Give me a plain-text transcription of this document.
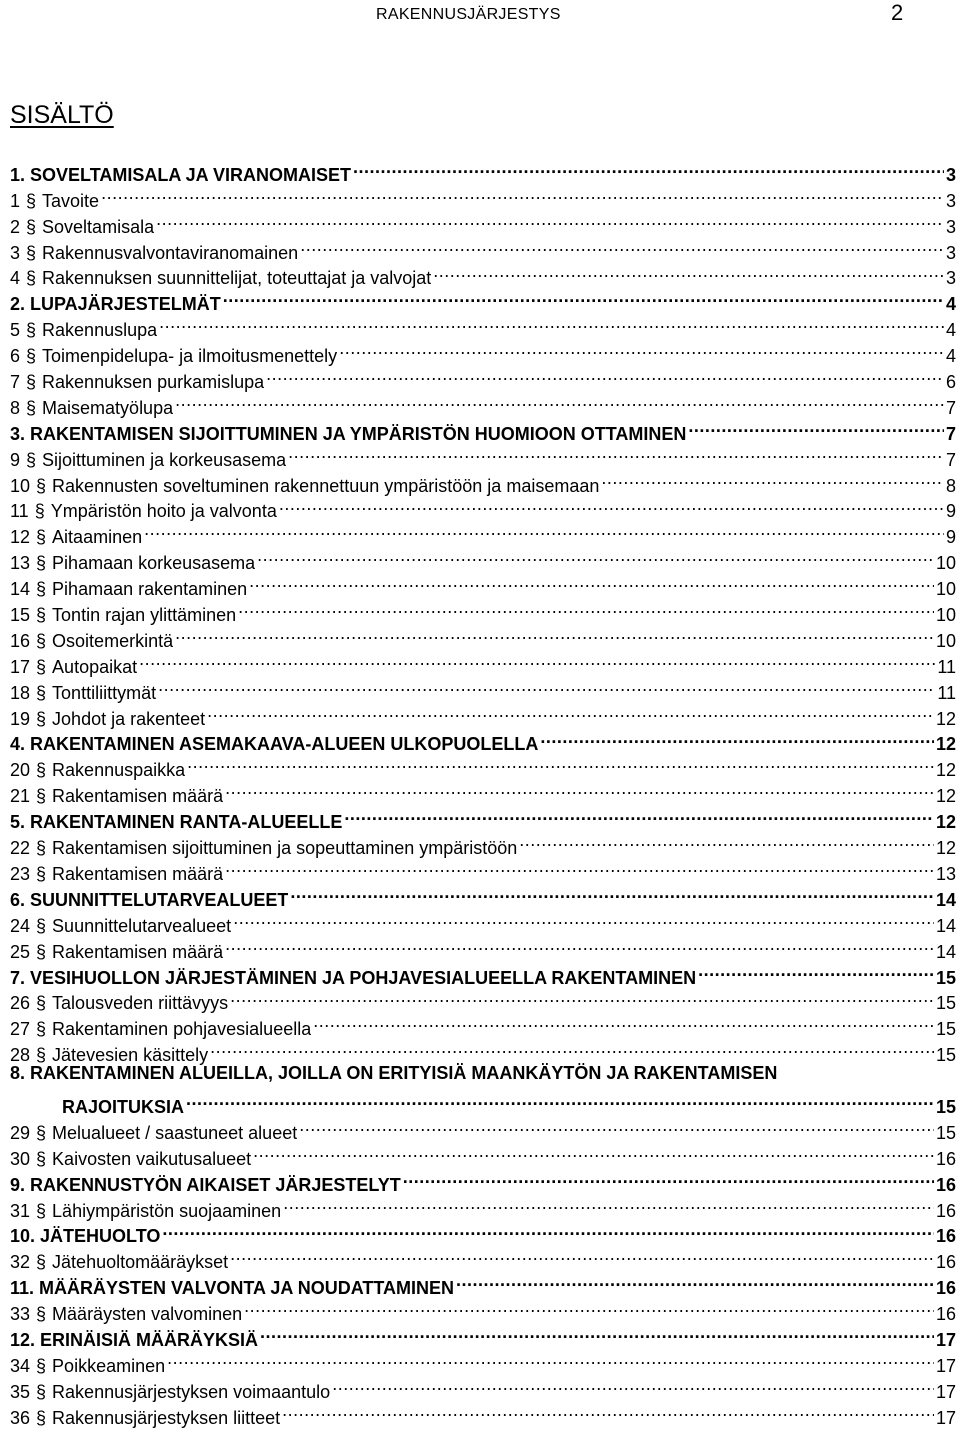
RAKENNUSJÄRJESTYS	2
SISÄLTÖ
1. SOVELTAMISALA JA VIRANOMAISET .....	3
1 § Tavoite .....	3
2 § Soveltamisala .....	3
3 § Rakennusvalvontaviranomainen .....	3
4 § Rakennuksen suunnittelijat, toteuttajat ja valvojat .....	3
2. LUPAJÄRJESTELMÄT .....	4
5 § Rakennuslupa .....	4
6 § Toimenpidelupa- ja ilmoitusmenettely .....	4
7 § Rakennuksen purkamislupa .....	6
8 § Maisematyölupa .....	7
3. RAKENTAMISEN SIJOITTUMINEN JA YMPÄRISTÖN HUOMIOON OTTAMINEN .....	7
9 § Sijoittuminen ja korkeusasema .....	7
10 § Rakennusten soveltuminen rakennettuun ympäristöön ja maisemaan .....	8
11 § Ympäristön hoito ja valvonta .....	9
12 § Aitaaminen .....	9
13 § Pihamaan korkeusasema .....	10
14 § Pihamaan rakentaminen .....	10
15 § Tontin rajan ylittäminen .....	10
16 § Osoitemerkintä .....	10
17 § Autopaikat .....	11
18 § Tonttiliittymät .....	11
19 § Johdot ja rakenteet .....	12
4. RAKENTAMINEN ASEMAKAAVA-ALUEEN ULKOPUOLELLA .....	12
20 § Rakennuspaikka .....	12
21 § Rakentamisen määrä .....	12
5. RAKENTAMINEN RANTA-ALUEELLE .....	12
22 § Rakentamisen sijoittuminen ja sopeuttaminen ympäristöön .....	12
23 § Rakentamisen määrä .....	13
6. SUUNNITTELUTARVEALUEET .....	14
24 § Suunnittelutarvealueet .....	14
25 § Rakentamisen määrä .....	14
7. VESIHUOLLON JÄRJESTÄMINEN JA POHJAVESIALUEELLA RAKENTAMINEN .....	15
26 § Talousveden riittävyys .....	15
27 § Rakentaminen pohjavesialueella .....	15
28 § Jätevesien käsittely .....	15
8. RAKENTAMINEN ALUEILLA, JOILLA ON ERITYISIÄ MAANKÄYTÖN JA RAKENTAMISEN
RAJOITUKSIA .....	15
29 § Melualueet / saastuneet alueet .....	15
30 § Kaivosten vaikutusalueet .....	16
9. RAKENNUSTYÖN AIKAISET JÄRJESTELYT .....	16
31 § Lähiympäristön suojaaminen .....	16
10. JÄTEHUOLTO .....	16
32 § Jätehuoltomääräykset .....	16
11. MÄÄRÄYSTEN VALVONTA JA NOUDATTAMINEN .....	16
33 § Määräysten valvominen .....	16
12. ERINÄISIÄ MÄÄRÄYKSIÄ .....	17
34 § Poikkeaminen .....	17
35 § Rakennusjärjestyksen voimaantulo .....	17
36 § Rakennusjärjestyksen liitteet .....	17
